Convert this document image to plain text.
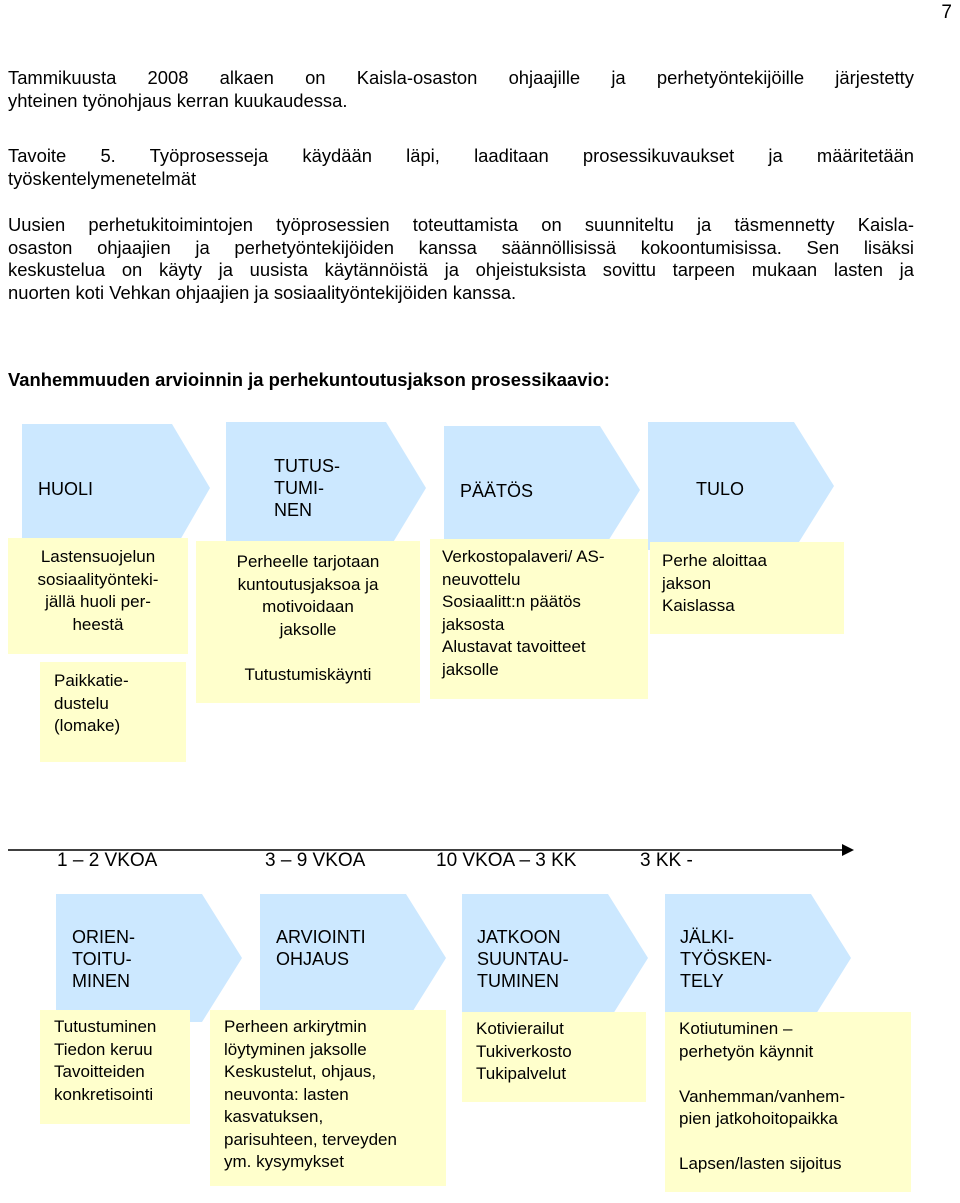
7
Tammikuusta 2008 alkaen on Kaisla-osaston ohjaajille ja perhetyöntekijöille järjestetty
yhteinen työnohjaus kerran kuukaudessa.
Tavoite 5. Työprosesseja käydään läpi, laaditaan prosessikuvaukset ja määritetään
työskentelymenetelmät
Uusien perhetukitoimintojen työprosessien toteuttamista on suunniteltu ja täsmennetty Kaisla-
osaston ohjaajien ja perhetyöntekijöiden kanssa säännöllisissä kokoontumisissa. Sen lisäksi
keskustelua on käyty ja uusista käytännöistä ja ohjeistuksista sovittu tarpeen mukaan lasten ja
nuorten koti Vehkan ohjaajien ja sosiaalityöntekijöiden kanssa.
Vanhemmuuden arvioinnin ja perhekuntoutusjakson prosessikaavio:
HUOLI
TUTUS-
TUMI-
NEN
PÄÄTÖS	TULO
Lastensuojelun
sosiaalityönteki-
jällä huoli per-
heestä
Paikkatie-
dustelu
(lomake)
Perheelle tarjotaan
kuntoutusjaksoa ja
motivoidaan
jaksolle

Tutustumiskäynti
Verkostopalaveri/ AS-
neuvottelu
Sosiaalitt:n päätös
jaksosta
Alustavat tavoitteet
jaksolle
Perhe aloittaa
jakson
Kaislassa
1 – 2 VKOA	3 – 9 VKOA	10 VKOA – 3 KK	3 KK -
ORIEN-
TOITU-
MINEN
ARVIOINTI
OHJAUS
JATKOON
SUUNTAU-
TUMINEN
JÄLKI-
TYÖSKEN-
TELY
Tutustuminen
Tiedon keruu
Tavoitteiden
konkretisointi
Perheen arkirytmin
löytyminen jaksolle
Keskustelut, ohjaus,
neuvonta: lasten
kasvatuksen,
parisuhteen, terveyden
ym. kysymykset
Kotivierailut
Tukiverkosto
Tukipalvelut
Kotiutuminen –
perhetyön käynnit

Vanhemman/vanhem-
pien jatkohoitopaikka

Lapsen/lasten sijoitus
